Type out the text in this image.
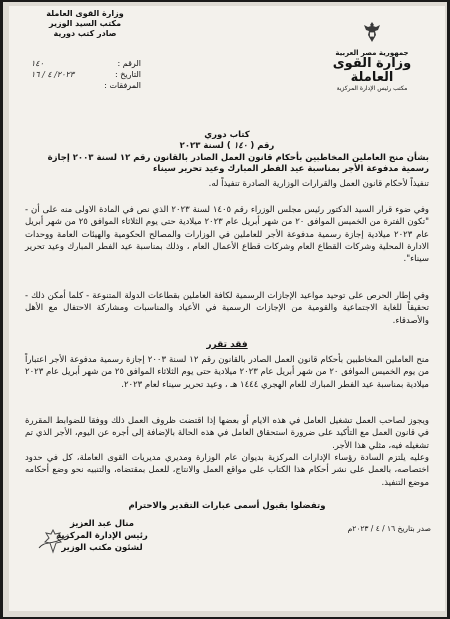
جمهورية مصر العربية
وزارة القوى العاملة
مكتب رئيس الإدارة المركزية
وزارة القوى العاملة
مكتب السيد الوزير
صادر كتب دورية
الرقم :
١٤٠
التاريخ :
٢٠٢٣/ ٤ / ١٦
المرفقات :
كتاب دوري
رقم ( ١٤٠ ) لسنة ٢٠٢٣
بشأن منح العاملين المخاطبين بأحكام قانون العمل الصادر بالقانون رقم ١٢ لسنة ٢٠٠٣ إجازة رسمية مدفوعة الأجر بمناسبة عيد الفطر المبارك وعيد تحرير سيناء
تنفيذاً لأحكام قانون العمل والقرارات الوزارية الصادرة تنفيذاً له.
وفي ضوء قرار السيد الدكتور رئيس مجلس الوزراء رقم ١٤٠٥ لسنة ٢٠٢٣ الذي نص في المادة الاولى منه على أن - "تكون الفترة من الخميس الموافق ٢٠ من شهر أبريل عام ٢٠٢٣ ميلادية حتى يوم الثلاثاء الموافق ٢٥ من شهر أبريل عام ٢٠٢٣ ميلادية إجازة رسمية مدفوعة الأجر للعاملين في الوزارات والمصالح الحكومية والهيئات العامة ووحدات الادارة المحلية وشركات القطاع العام وشركات قطاع الأعمال العام ، وذلك بمناسبة عيد الفطر المبارك وعيد تحرير سيناء".
وفي إطار الحرص على توحيد مواعيد الإجازات الرسمية لكافة العاملين بقطاعات الدولة المتنوعة - كلما أمكن ذلك - تحقيقاً للغاية الاجتماعية والقومية من الإجازات الرسمية في الأعياد والمناسبات ومشاركة الاحتفال مع الأهل والأصدقاء.
فقد تقرر
منح العاملين المخاطبين بأحكام قانون العمل الصادر بالقانون رقم ١٢ لسنة ٢٠٠٣ إجازة رسمية مدفوعة الأجر اعتباراً من يوم الخميس الموافق ٢٠ من شهر أبريل عام ٢٠٢٣ ميلادية حتى يوم الثلاثاء الموافق ٢٥ من شهر أبريل عام ٢٠٢٣ ميلادية بمناسبة عيد الفطر المبارك للعام الهجري ١٤٤٤ هـ ، وعيد تحرير سيناء لعام ٢٠٢٣.
ويجوز لصاحب العمل تشغيل العامل في هذه الايام أو بعضها إذا اقتضت ظروف العمل ذلك ووفقا للضوابط المقررة في قانون العمل مع التأكيد على ضرورة استحقاق العامل في هذه الحالة بالإضافة إلى أجره عن اليوم، الأجر الذي تم تشغيله فيه، مثلي هذا الأجر.
وعليه يلتزم السادة رؤساء الإدارات المركزية بديوان عام الوزارة ومديري مديريات القوى العاملة، كل في حدود اختصاصه، بالعمل على نشر أحكام هذا الكتاب على مواقع العمل والانتاج، للعمل بمقتضاه، والتنبيه نحو وضع أحكامه موضع التنفيذ.
وتفضلوا بقبول أسمى عبارات التقدير والاحترام
صدر بتاريخ ١٦ / ٤ / ٢٠٢٣م
منال عبد العزيز
رئيس الإدارة المركزية
لشئون مكتب الوزير
